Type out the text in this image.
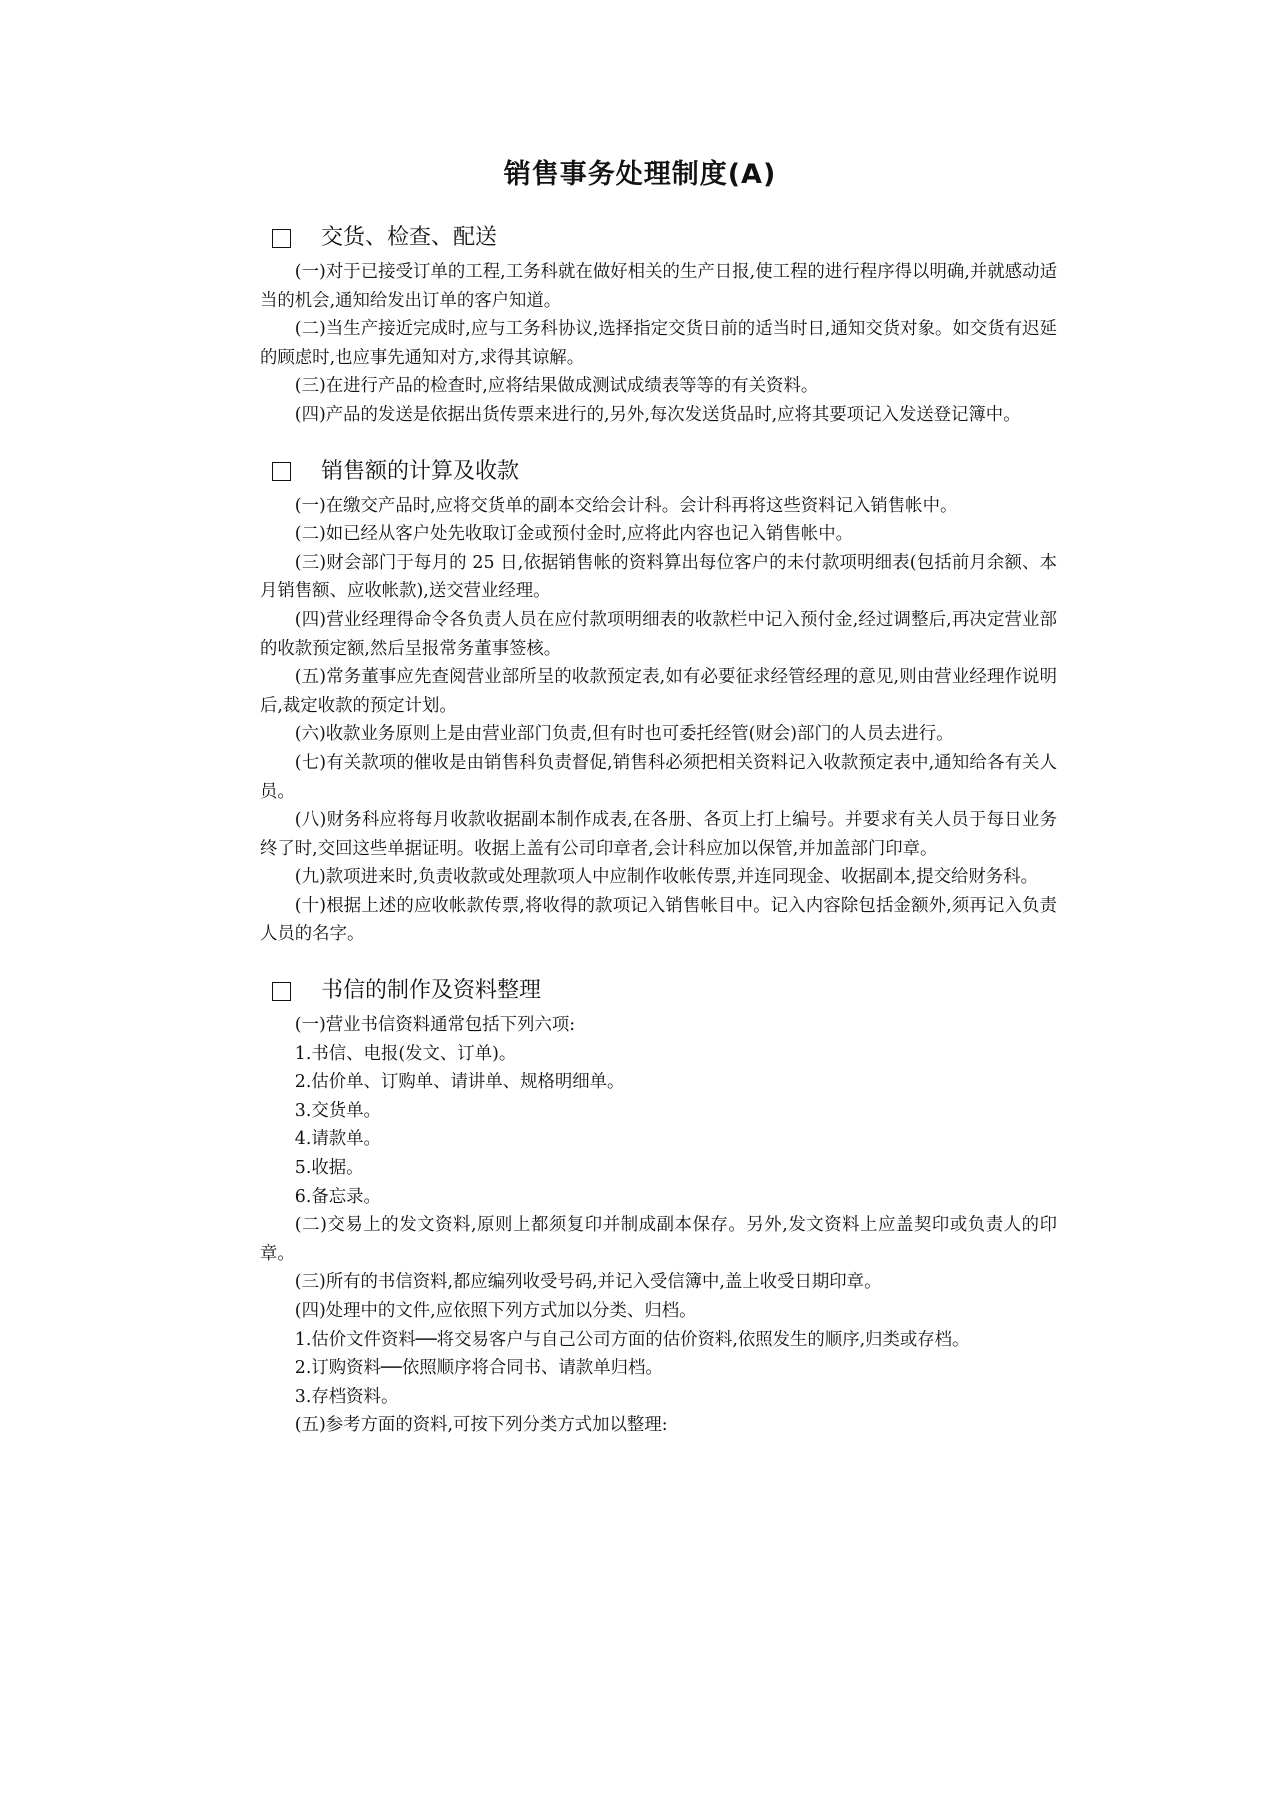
销售事务处理制度(A)
交货、检查、配送

(一)对于已接受订单的工程,工务科就在做好相关的生产日报,使工程的进行程序得以明确,并就感动适当的机会,通知给发出订单的客户知道。

(二)当生产接近完成时,应与工务科协议,选择指定交货日前的适当时日,通知交货对象。如交货有迟延的顾虑时,也应事先通知对方,求得其谅解。

(三)在进行产品的检查时,应将结果做成测试成绩表等等的有关资料。

(四)产品的发送是依据出货传票来进行的,另外,每次发送货品时,应将其要项记入发送登记簿中。

销售额的计算及收款

(一)在缴交产品时,应将交货单的副本交给会计科。会计科再将这些资料记入销售帐中。

(二)如已经从客户处先收取订金或预付金时,应将此内容也记入销售帐中。

(三)财会部门于每月的 25 日,依据销售帐的资料算出每位客户的未付款项明细表(包括前月余额、本月销售额、应收帐款),送交营业经理。

(四)营业经理得命令各负责人员在应付款项明细表的收款栏中记入预付金,经过调整后,再决定营业部的收款预定额,然后呈报常务董事签核。

(五)常务董事应先查阅营业部所呈的收款预定表,如有必要征求经管经理的意见,则由营业经理作说明后,裁定收款的预定计划。

(六)收款业务原则上是由营业部门负责,但有时也可委托经管(财会)部门的人员去进行。

(七)有关款项的催收是由销售科负责督促,销售科必须把相关资料记入收款预定表中,通知给各有关人员。

(八)财务科应将每月收款收据副本制作成表,在各册、各页上打上编号。并要求有关人员于每日业务终了时,交回这些单据证明。收据上盖有公司印章者,会计科应加以保管,并加盖部门印章。

(九)款项进来时,负责收款或处理款项人中应制作收帐传票,并连同现金、收据副本,提交给财务科。

(十)根据上述的应收帐款传票,将收得的款项记入销售帐目中。记入内容除包括金额外,须再记入负责人员的名字。

书信的制作及资料整理

(一)营业书信资料通常包括下列六项:

1.书信、电报(发文、订单)。

2.估价单、订购单、请讲单、规格明细单。

3.交货单。

4.请款单。

5.收据。

6.备忘录。

(二)交易上的发文资料,原则上都须复印并制成副本保存。另外,发文资料上应盖契印或负责人的印章。

(三)所有的书信资料,都应编列收受号码,并记入受信簿中,盖上收受日期印章。

(四)处理中的文件,应依照下列方式加以分类、归档。

1.估价文件资料──将交易客户与自己公司方面的估价资料,依照发生的顺序,归类或存档。

2.订购资料──依照顺序将合同书、请款单归档。

3.存档资料。

(五)参考方面的资料,可按下列分类方式加以整理:
